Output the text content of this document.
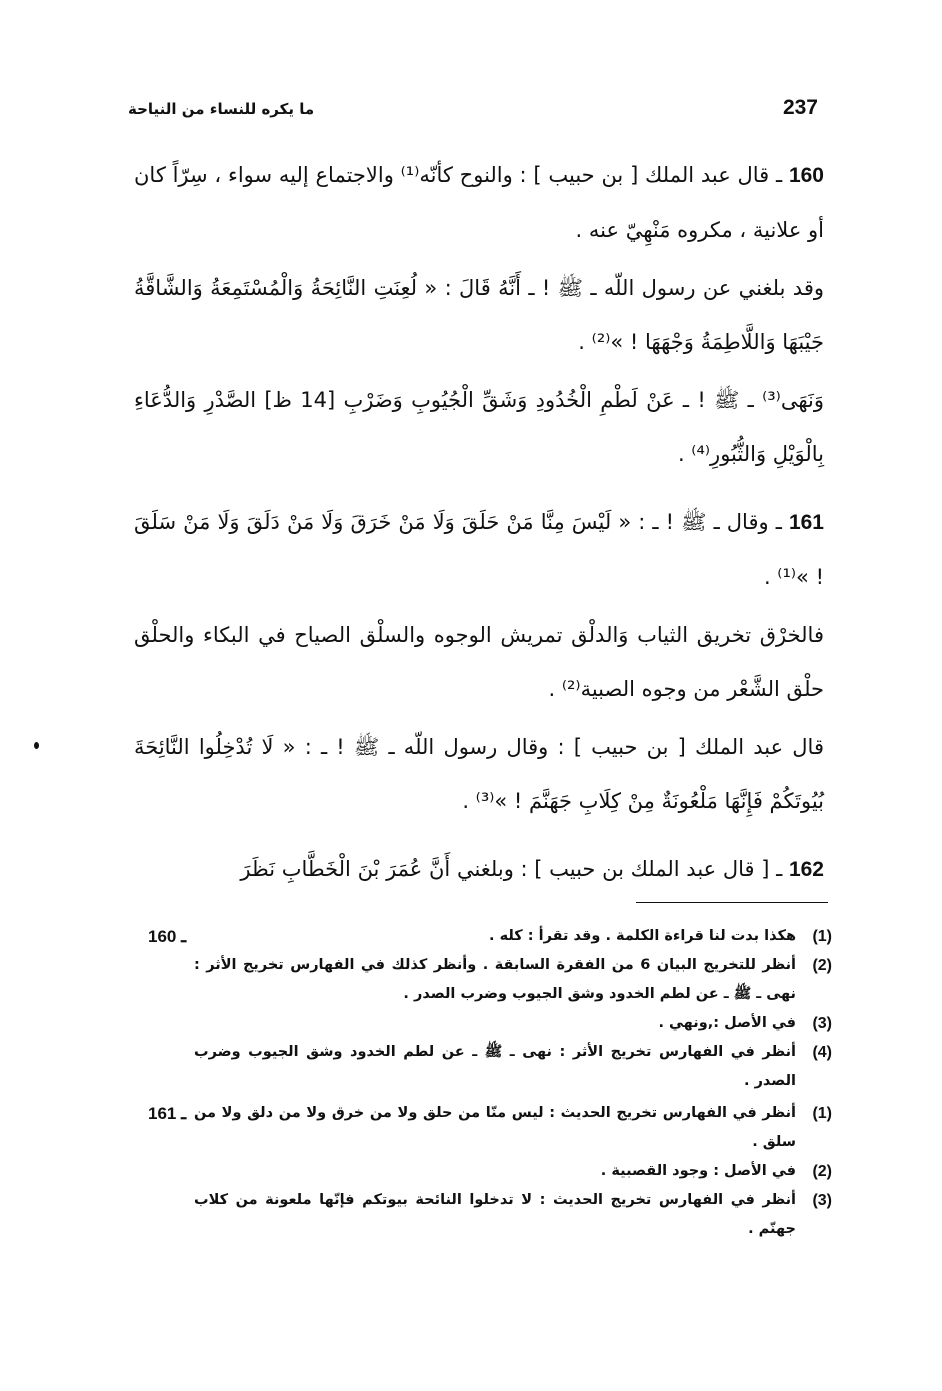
237
ما يكره للنساء من النياحة

160 ـ قال عبد الملك [ بن حبيب ] : والنوح كأنّه⁽¹⁾ والاجتماع إليه سواء ، سِرّاً كان أو علانية ، مكروه مَنْهِيّ عنه .

وقد بلغني عن رسول اللّه ـ ﷺ ! ـ أَنَّهُ قَالَ : « لُعِنَتِ النَّائِحَةُ وَالْمُسْتَمِعَةُ وَالشَّاقَّةُ جَيْبَهَا وَاللَّاطِمَةُ وَجْهَهَا ! »⁽²⁾ .

وَنَهَى⁽³⁾ ـ ﷺ ! ـ عَنْ لَطْمِ الْخُدُودِ وَشَقِّ الْجُيُوبِ وَضَرْبِ [14 ظ] الصَّدْرِ وَالدُّعَاءِ بِالْوَيْلِ وَالثُّبُورِ⁽⁴⁾ .

161 ـ وقال ـ ﷺ ! ـ : « لَيْسَ مِنَّا مَنْ حَلَقَ وَلَا مَنْ خَرَقَ وَلَا مَنْ دَلَقَ وَلَا مَنْ سَلَقَ ! »⁽¹⁾ .

فالخرْق تخريق الثياب وَالدلْق تمريش الوجوه والسلْق الصياح في البكاء والحلْق حلْق الشَّعْر من وجوه الصبية⁽²⁾ .

قال عبد الملك [ بن حبيب ] : وقال رسول اللّه ـ ﷺ ! ـ : « لَا تُدْخِلُوا النَّائِحَةَ بُيُوتَكُمْ فَإِنَّهَا مَلْعُونَةٌ مِنْ كِلَابِ جَهَنَّمَ ! »⁽³⁾ .

162 ـ [ قال عبد الملك بن حبيب ] : وبلغني أَنَّ عُمَرَ بْنَ الْخَطَّابِ نَظَرَ

(1)
هكذا بدت لنا قراءة الكلمة . وقد تقرأ : كله .
160 ـ
(2)
أنظر للتخريج البيان 6 من الفقرة السابقة . وأنظر كذلك في الفهارس تخريج الأثر : نهى ـ ﷺ ـ عن لطم الخدود وشق الجيوب وضرب الصدر .
(3)
في الأصل :,ونهي .
(4)
أنظر في الفهارس تخريج الأثر : نهى ـ ﷺ ـ عن لطم الخدود وشق الجيوب وضرب الصدر .
(1)
أنظر في الفهارس تخريج الحديث : ليس منّا من حلق ولا من خرق ولا من دلق ولا من سلق .
161 ـ
(2)
في الأصل : وجود القصبية .
(3)
أنظر في الفهارس تخريج الحديث : لا تدخلوا النائحة بيوتكم فإنّها ملعونة من كلاب جهنّم .
